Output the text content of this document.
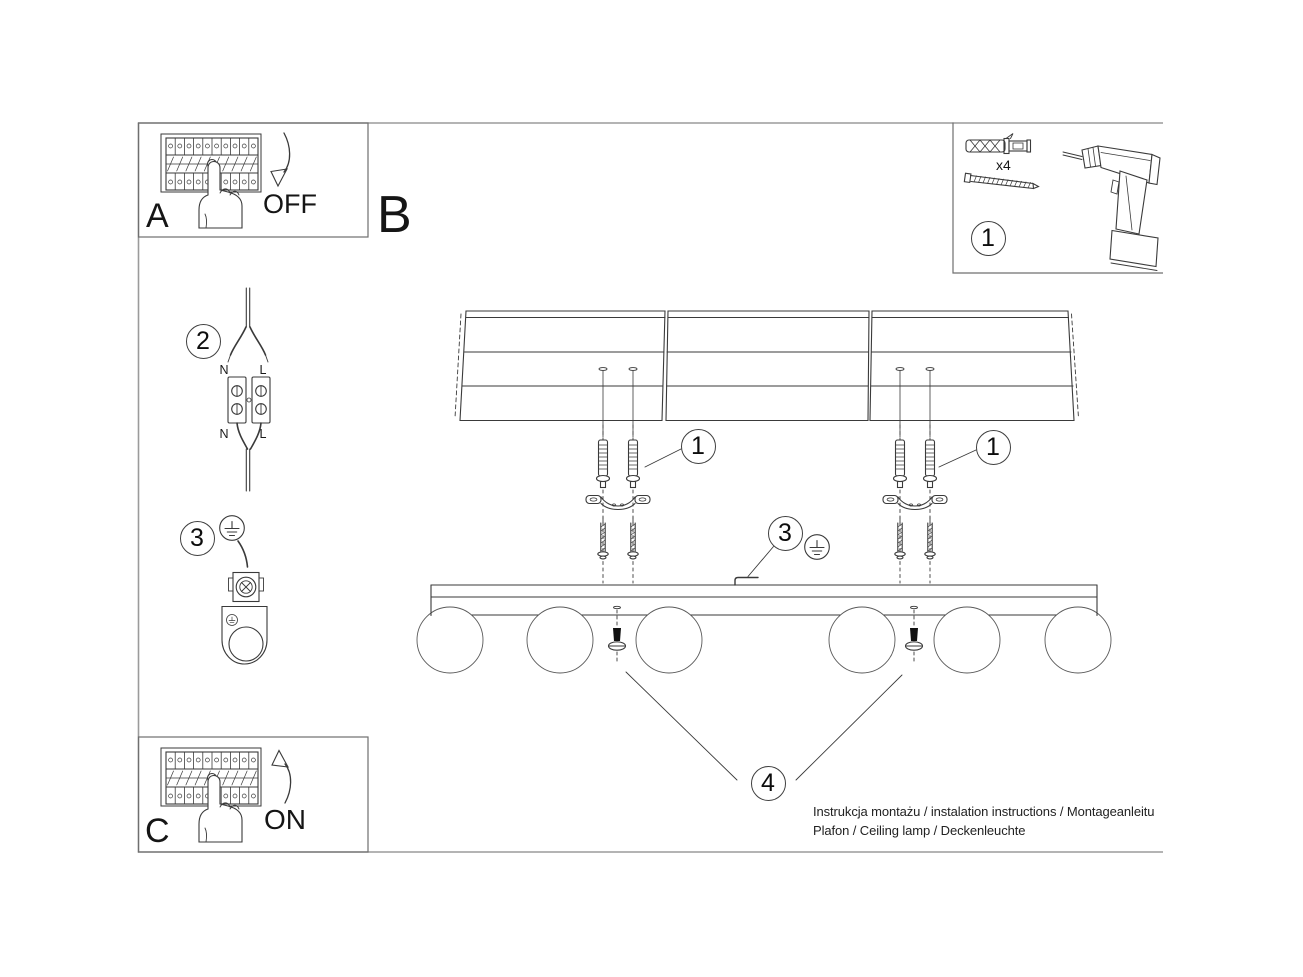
A	OFF B
C	ON
x4
1
1	1
2
3	3
4
N	L
N	L
Instrukcja montażu / instalation instructions / Montageanleitu
Plafon / Ceiling lamp / Deckenleuchte
